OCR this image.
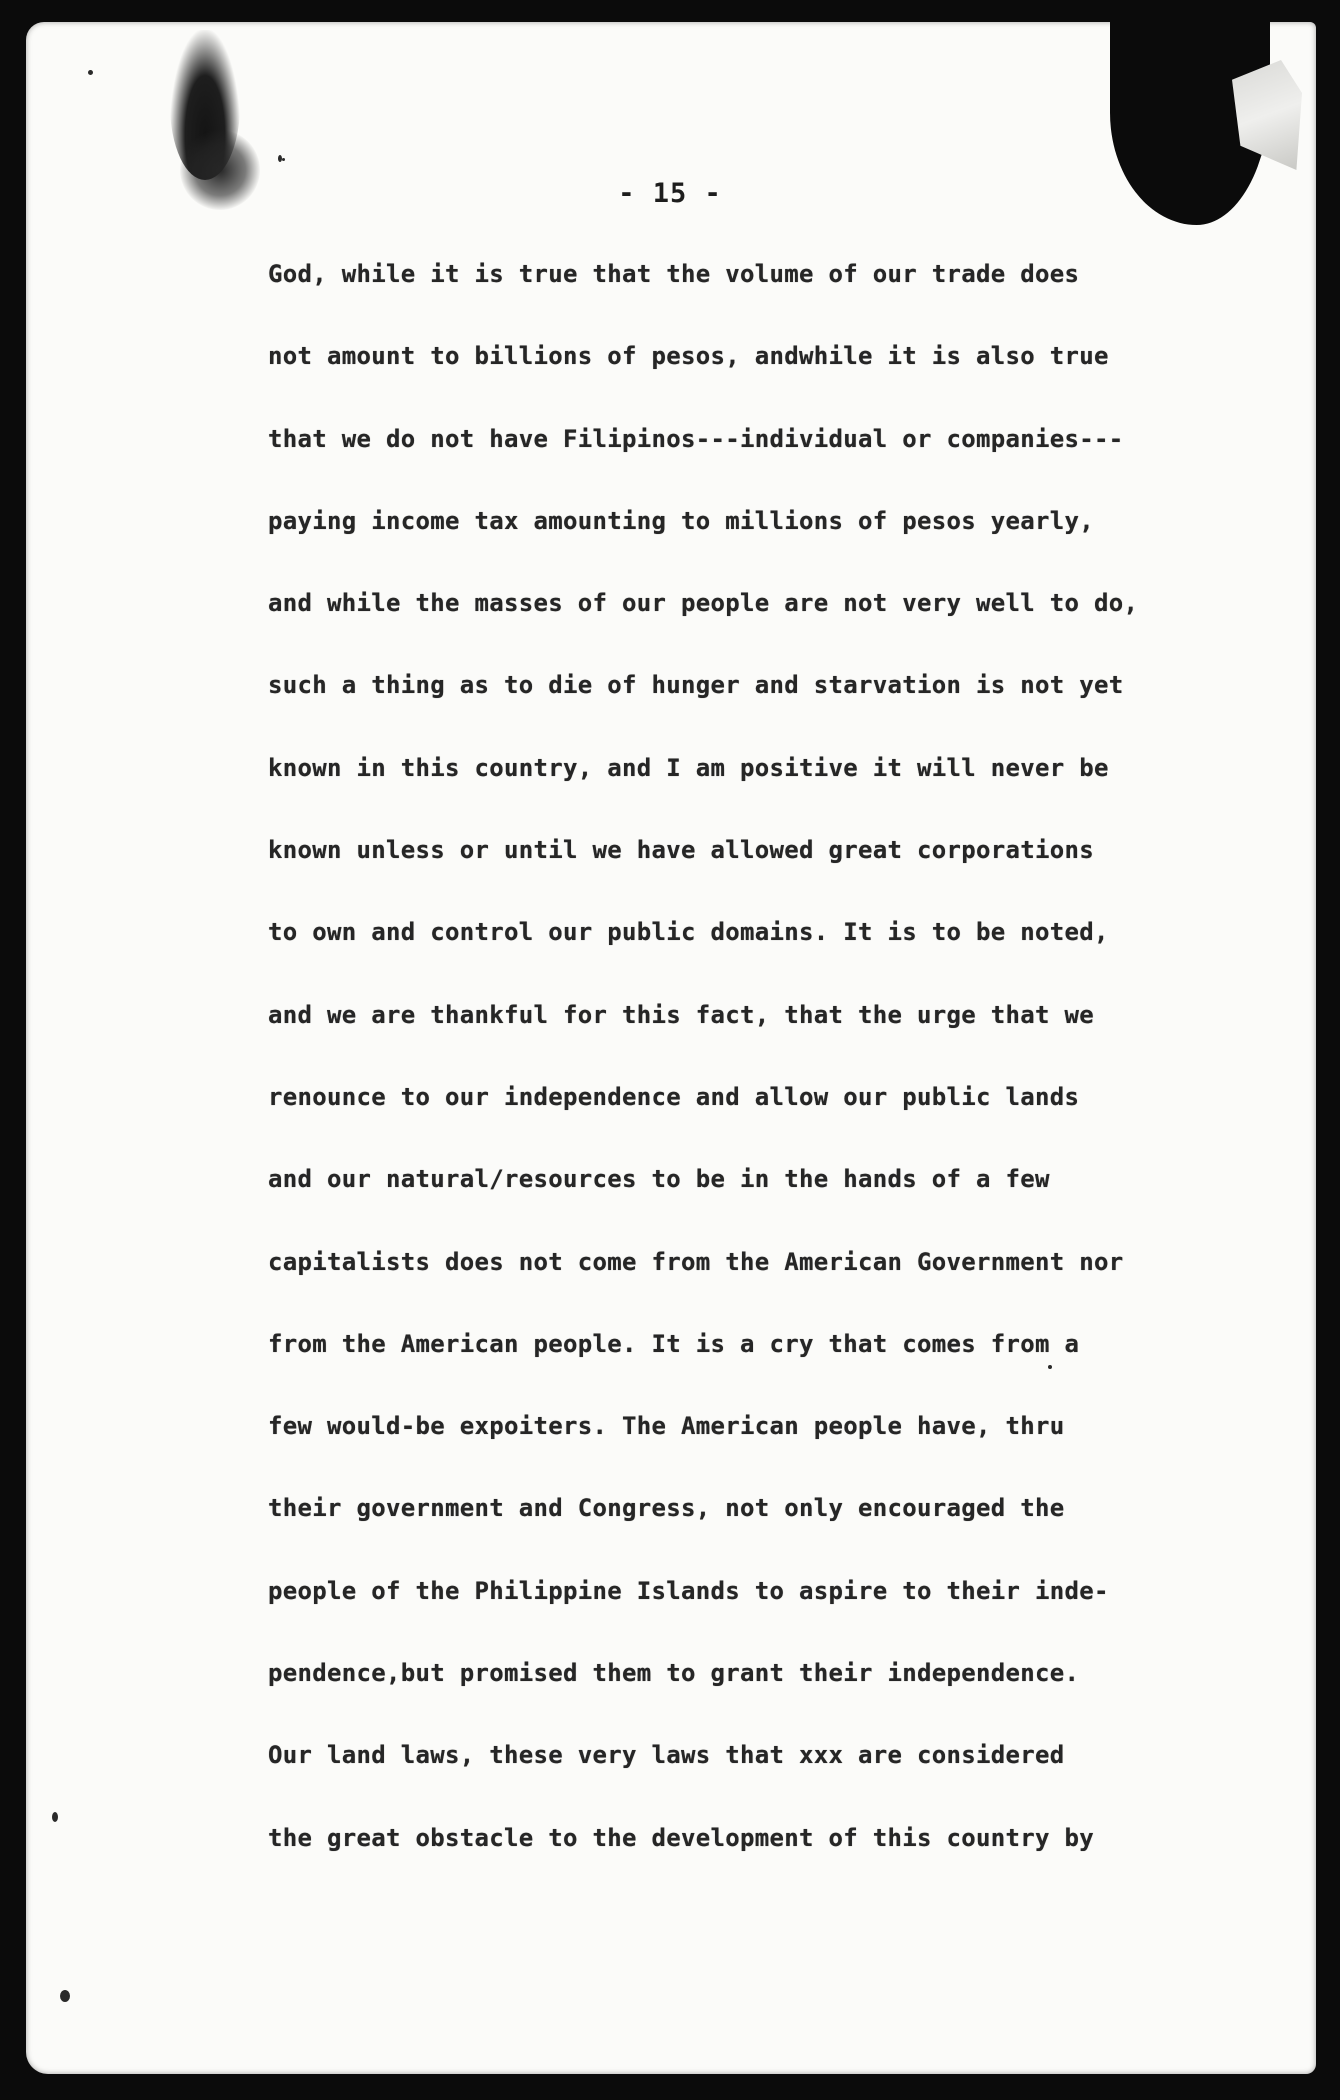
- 15 -
God, while it is true that the volume of our trade does
not amount to billions of pesos, andwhile it is also true
that we do not have Filipinos---individual or companies---
paying income tax amounting to millions of pesos yearly,
and while the masses of our people are not very well to do,
such a thing as to die of hunger and starvation is not yet
known in this country, and I am positive it will never be
known unless or until we have allowed great corporations
to own and control our public domains. It is to be noted,
and we are thankful for this fact, that the urge that we
renounce to our independence and allow our public lands
and our natural/resources to be in the hands of a few
capitalists does not come from the American Government nor
from the American people. It is a cry that comes from a
few would-be expoiters. The American people have, thru
their government and Congress, not only encouraged the
people of the Philippine Islands to aspire to their inde-
pendence,but promised them to grant their independence.
Our land laws, these very laws that xxx are considered
the great obstacle to the development of this country by
